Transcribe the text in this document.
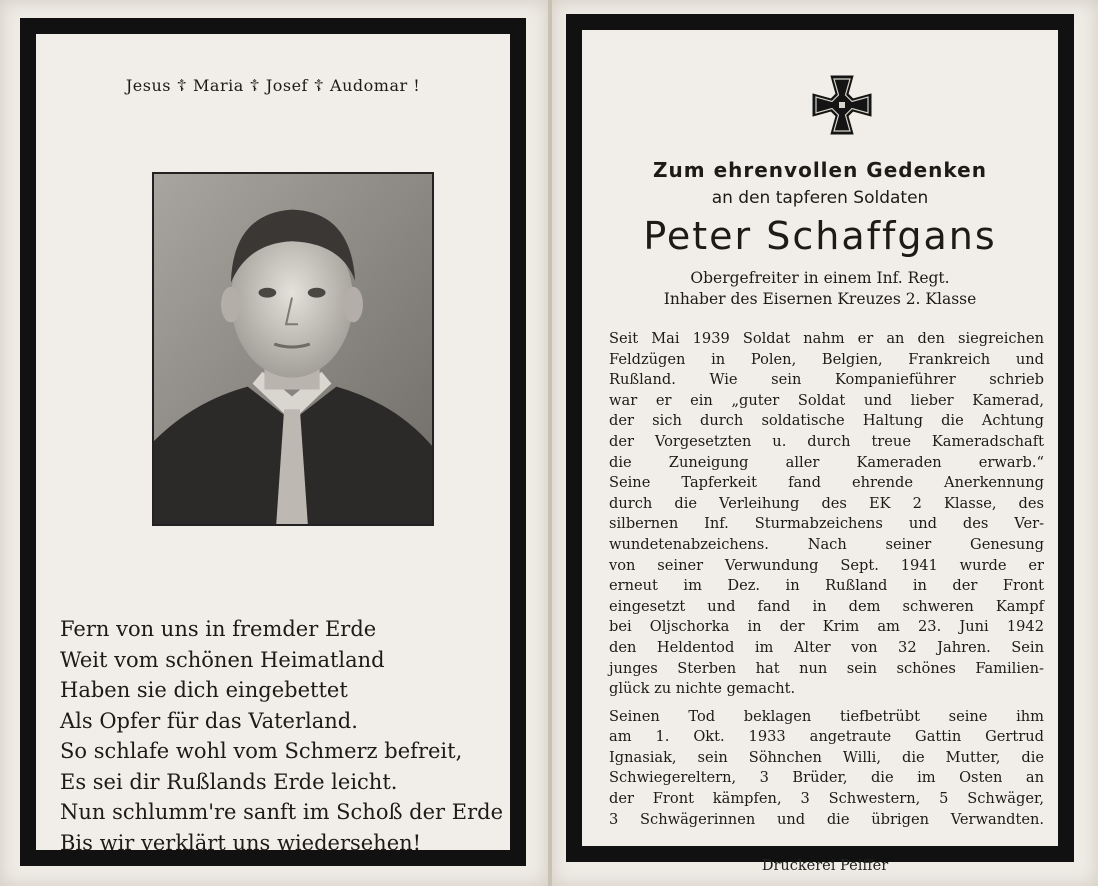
Jesus ☦ Maria ☦ Josef ☦ Audomar !
Fern von uns in fremder Erde
Weit vom schönen Heimatland
Haben sie dich eingebettet
Als Opfer für das Vaterland.
So schlafe wohl vom Schmerz befreit,
Es sei dir Rußlands Erde leicht.
Nun schlumm're sanft im Schoß der Erde
Bis wir verklärt uns wiedersehen!
Zum ehrenvollen Gedenken
an den tapferen Soldaten
Peter Schaffgans
Obergefreiter in einem Inf. Regt.
Inhaber des Eisernen Kreuzes 2. Klasse
Seit Mai 1939 Soldat nahm er an den siegreichen
Feldzügen in Polen, Belgien, Frankreich und
Rußland. Wie sein Kompanieführer schrieb
war er ein „guter Soldat und lieber Kamerad,
der sich durch soldatische Haltung die Achtung
der Vorgesetzten u. durch treue Kameradschaft
die Zuneigung aller Kameraden erwarb.“
Seine Tapferkeit fand ehrende Anerkennung
durch die Verleihung des EK 2 Klasse, des
silbernen Inf. Sturmabzeichens und des Ver-
wundetenabzeichens. Nach seiner Genesung
von seiner Verwundung Sept. 1941 wurde er
erneut im Dez. in Rußland in der Front
eingesetzt und fand in dem schweren Kampf
bei Oljschorka in der Krim am 23. Juni 1942
den Heldentod im Alter von 32 Jahren. Sein
junges Sterben hat nun sein schönes Familien-
glück zu nichte gemacht.
Seinen Tod beklagen tiefbetrübt seine ihm
am 1. Okt. 1933 angetraute Gattin Gertrud
Ignasiak, sein Söhnchen Willi, die Mutter, die
Schwiegereltern, 3 Brüder, die im Osten an
der Front kämpfen, 3 Schwestern, 5 Schwäger,
3 Schwägerinnen und die übrigen Verwandten.
Druckerei Peiffer
